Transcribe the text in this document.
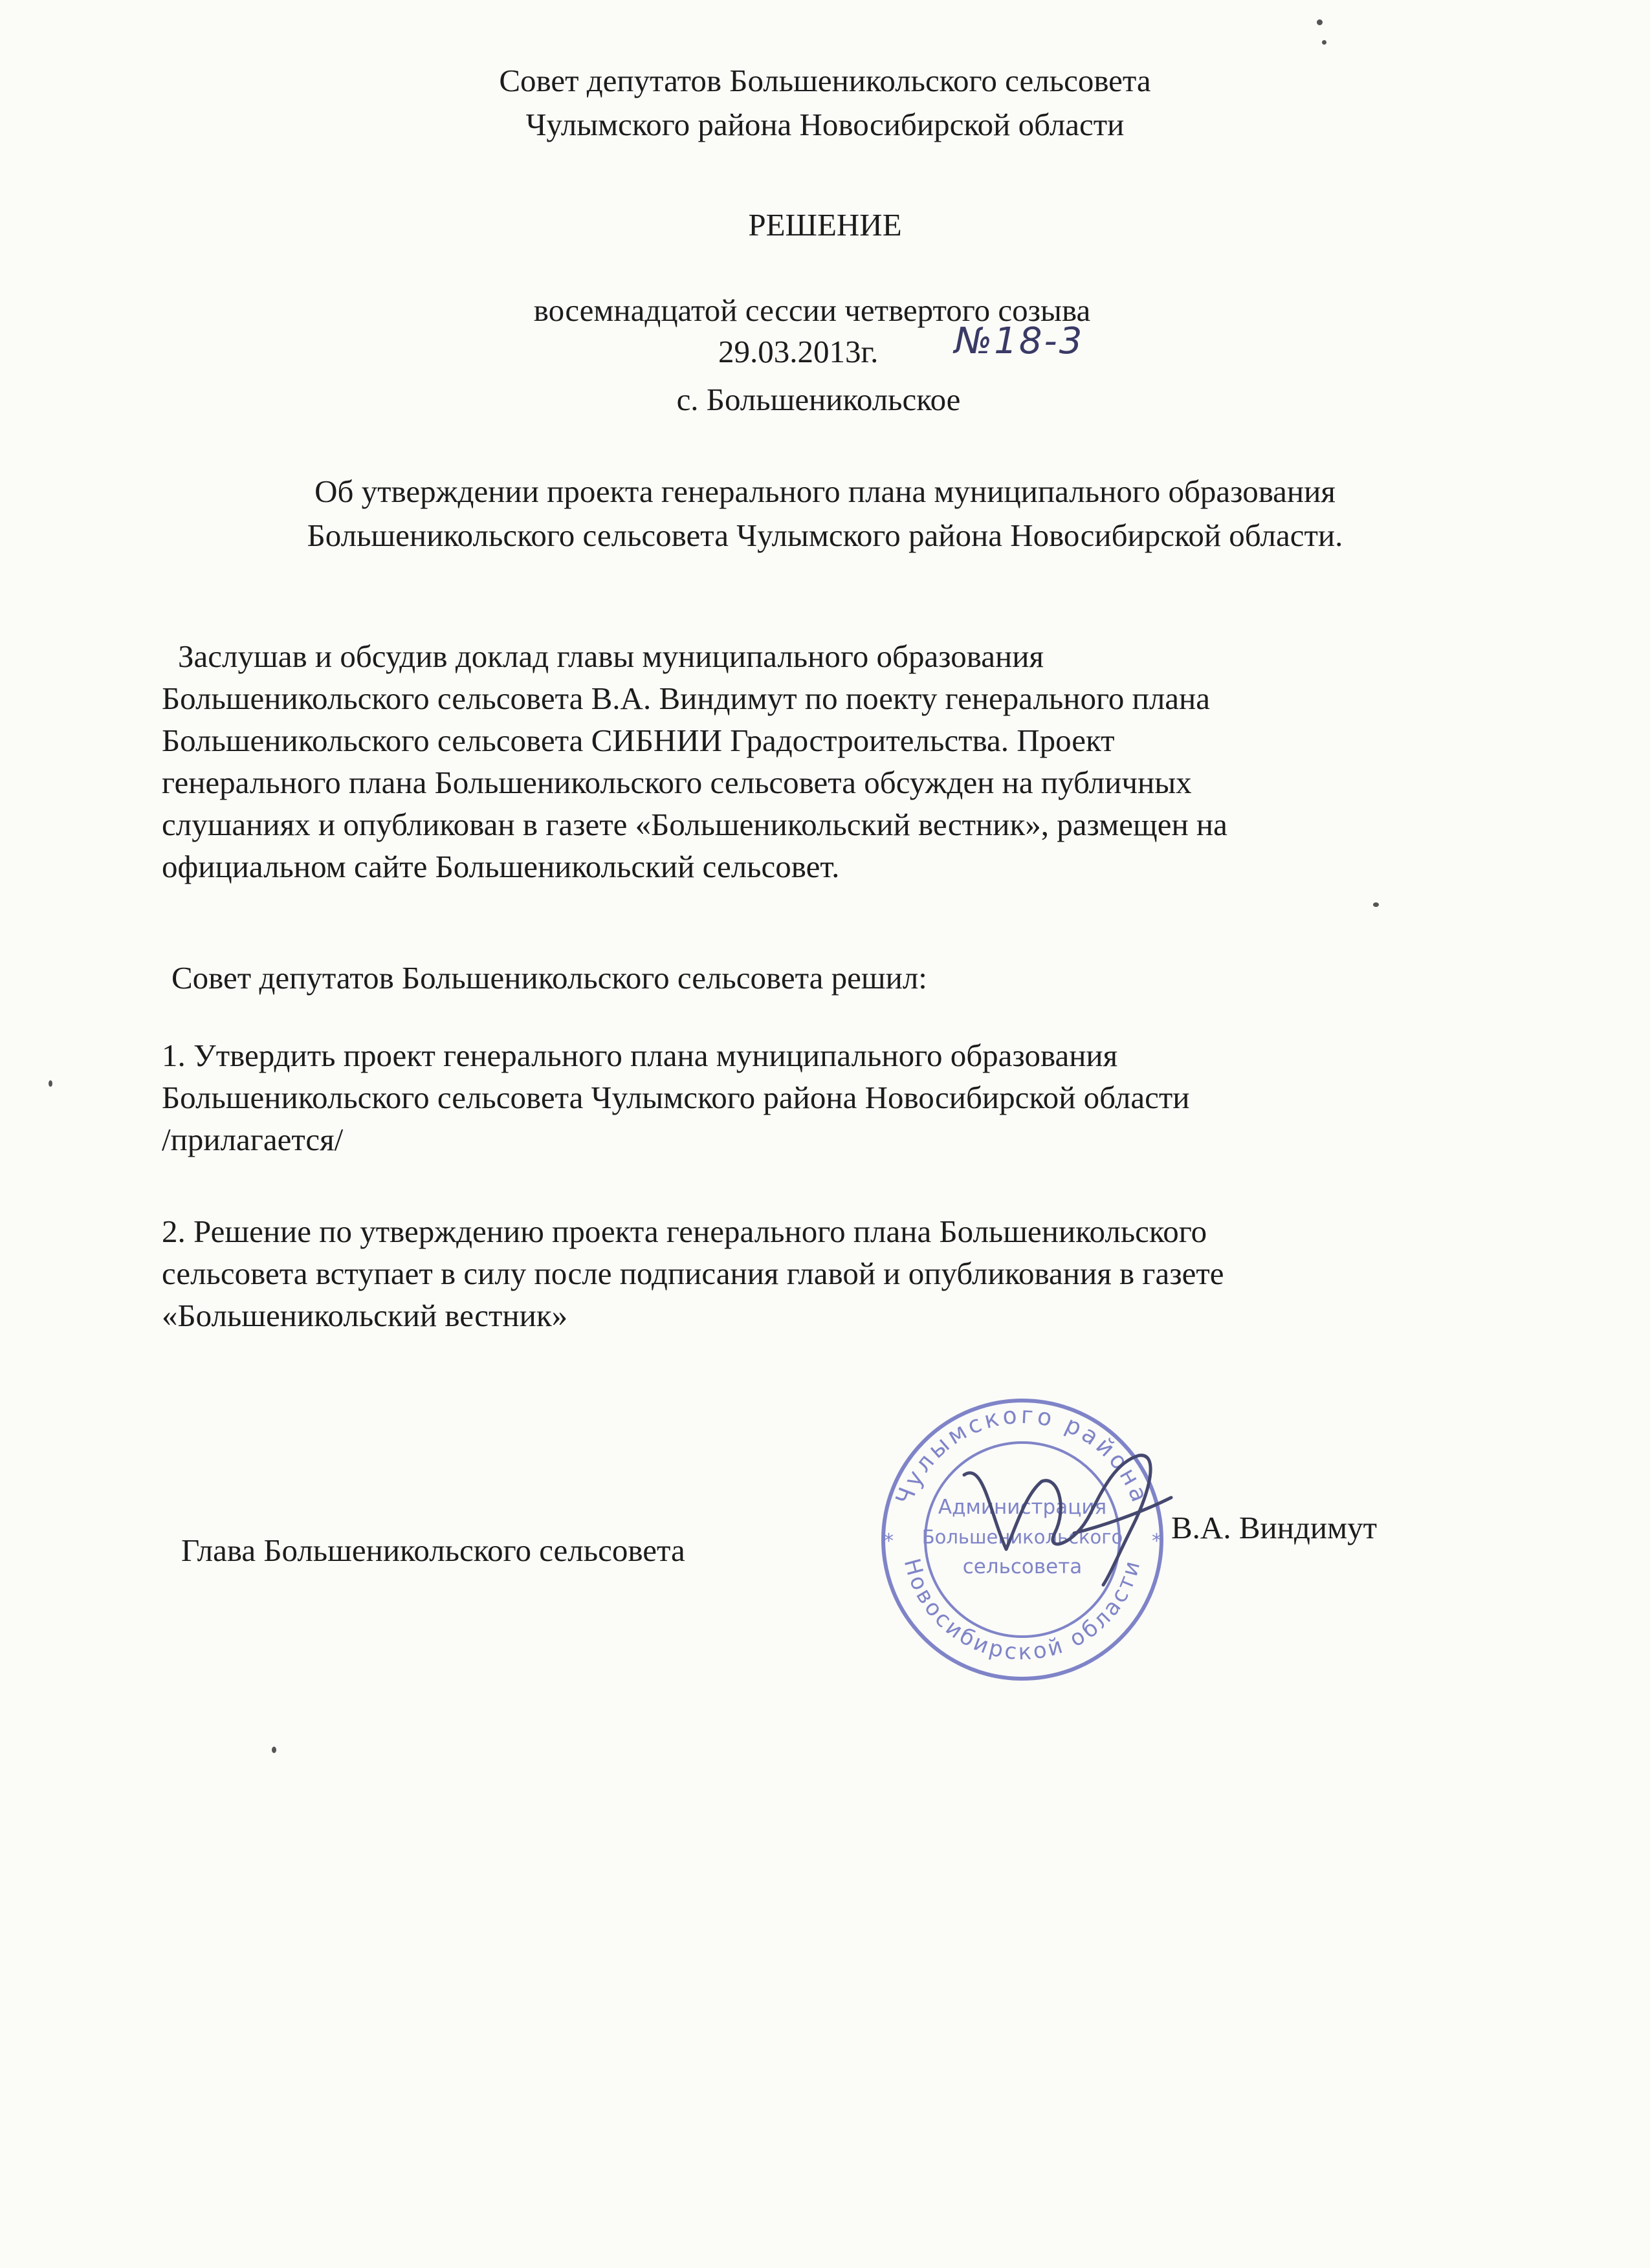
Совет депутатов Большеникольского сельсовета
Чулымского района Новосибирской области
РЕШЕНИЕ
восемнадцатой сессии четвертого созыва
29.03.2013г. №18-3
с. Большеникольское
Об утверждении проекта генерального плана муниципального образования
Большеникольского сельсовета Чулымского района Новосибирской области.
Заслушав и обсудив доклад главы муниципального образования
Большеникольского сельсовета В.А. Виндимут по поекту генерального плана
Большеникольского сельсовета СИБНИИ Градостроительства. Проект
генерального плана Большеникольского сельсовета обсужден на публичных
слушаниях и опубликован в газете «Большеникольский вестник», размещен на
официальном сайте Большеникольский сельсовет.
Совет депутатов Большеникольского сельсовета решил:
1. Утвердить проект генерального плана муниципального образования
Большеникольского сельсовета Чулымского района Новосибирской области
/прилагается/
2. Решение по утверждению проекта генерального плана Большеникольского
сельсовета вступает в силу после подписания главой и опубликования в газете
«Большеникольский вестник»
Глава Большеникольского сельсовета
В.А. Виндимут
Чулымского района
Новосибирской области
*	*
Администрация
Большеникольского
сельсовета
